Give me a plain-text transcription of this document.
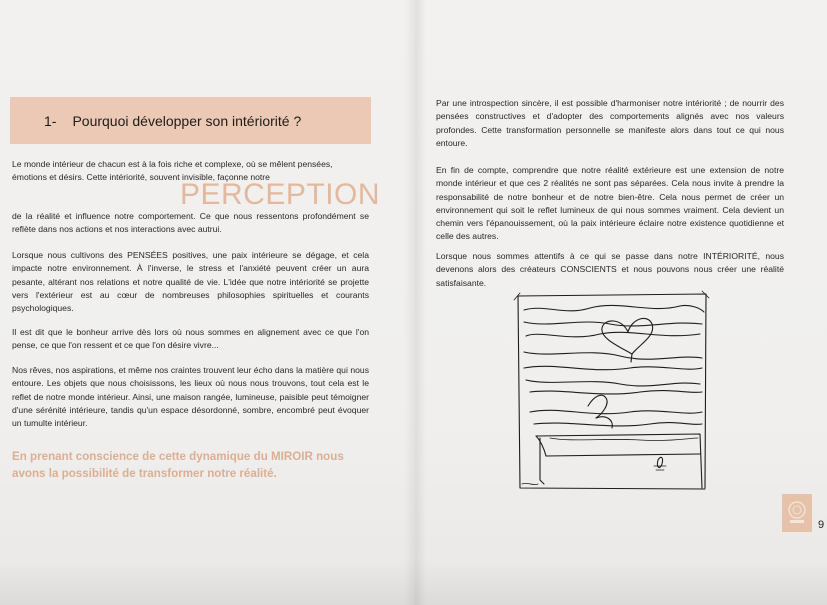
1- Pourquoi développer son intériorité ?
Le monde intérieur de chacun est à la fois riche et complexe, où se mêlent pensées,
émotions et désirs. Cette intériorité, souvent invisible, façonne notre
PERCEPTION
de la réalité et influence notre comportement. Ce que nous ressentons profondément se reflète dans nos actions et nos interactions avec autrui.
Lorsque nous cultivons des PENSÉES positives, une paix intérieure se dégage, et cela impacte notre environnement. À l'inverse, le stress et l'anxiété peuvent créer un aura pesante, altérant nos relations et notre qualité de vie. L'idée que notre intériorité se projette vers l'extérieur est au cœur de nombreuses philosophies spirituelles et courants psychologiques.
Il est dit que le bonheur arrive dès lors où nous sommes en alignement avec ce que l'on pense, ce que l'on ressent et ce que l'on désire vivre...
Nos rêves, nos aspirations, et même nos craintes trouvent leur écho dans la matière qui nous entoure. Les objets que nous choisissons, les lieux où nous nous trouvons, tout cela est le reflet de notre monde intérieur. Ainsi, une maison rangée, lumineuse, paisible peut témoigner d'une sérénité intérieure, tandis qu'un espace désordonné, sombre, encombré peut évoquer un tumulte intérieur.
En prenant conscience de cette dynamique du MIROIR nous avons la possibilité de transformer notre réalité.
Par une introspection sincère, il est possible d'harmoniser notre intériorité ; de nourrir des pensées constructives et d'adopter des comportements alignés avec nos valeurs profondes. Cette transformation personnelle se manifeste alors dans tout ce qui nous entoure.
En fin de compte, comprendre que notre réalité extérieure est une extension de notre monde intérieur et que ces 2 réalités ne sont pas séparées. Cela nous invite à prendre la responsabilité de notre bonheur et de notre bien-être. Cela nous permet de créer un environnement qui soit le reflet lumineux de qui nous sommes vraiment. Cela devient un chemin vers l'épanouissement, où la paix intérieure éclaire notre existence quotidienne et celle des autres.
Lorsque nous sommes attentifs à ce qui se passe dans notre INTÉRIORITÉ, nous devenons alors des créateurs CONSCIENTS et nous pouvons nous créer une réalité satisfaisante.
9
